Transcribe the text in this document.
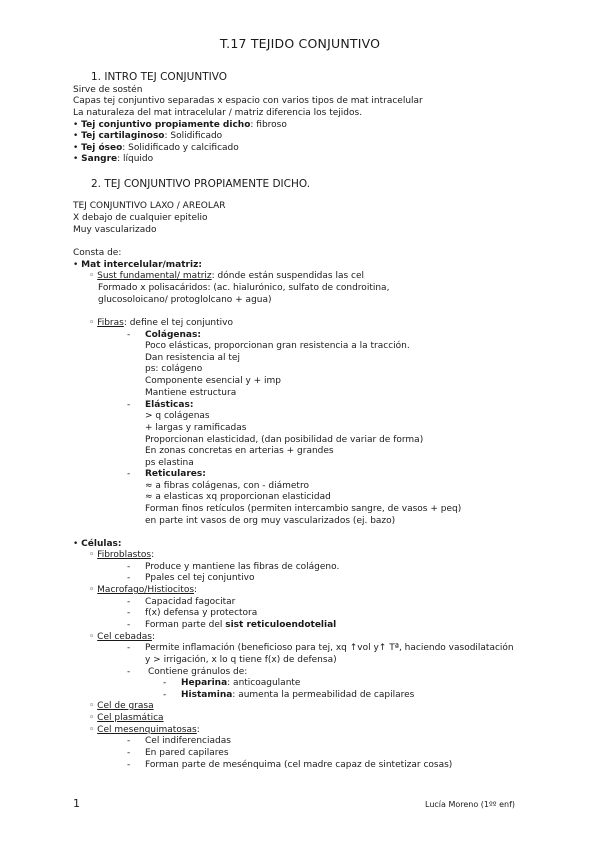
T.17 TEJIDO CONJUNTIVO
1. INTRO TEJ CONJUNTIVO
Sirve de sostén
Capas tej conjuntivo separadas x espacio con varios tipos de mat intracelular
La naturaleza del mat intracelular / matriz diferencia los tejidos.
• Tej conjuntivo propiamente dicho: fibroso
• Tej cartilaginoso: Solidificado
• Tej óseo: Solidificado y calcificado
• Sangre: líquido
2. TEJ CONJUNTIVO PROPIAMENTE DICHO.
TEJ CONJUNTIVO LAXO / AREOLAR
X debajo de cualquier epitelio
Muy vascularizado
Consta de:
• Mat intercelular/matriz:
◦ Sust fundamental/ matriz: dónde están suspendidas las cel
Formado x polisacáridos: (ac. hialurónico, sulfato de condroitina,
glucosoloicano/ protoglolcano + agua)
◦ Fibras: define el tej conjuntivo
- Colágenas:
Poco elásticas, proporcionan gran resistencia a la tracción.
Dan resistencia al tej
ps: colágeno
Componente esencial y + imp
Mantiene estructura
- Elásticas:
> q colágenas
+ largas y ramificadas
Proporcionan elasticidad, (dan posibilidad de variar de forma)
En zonas concretas en arterias + grandes
ps elastina
- Reticulares:
≈ a fibras colágenas, con - diámetro
≈ a elasticas xq proporcionan elasticidad
Forman finos retículos (permiten intercambio sangre, de vasos + peq)
en parte int vasos de org muy vascularizados (ej. bazo)
• Células:
◦ Fibroblastos:
- Produce y mantiene las fibras de colágeno.
- Ppales cel tej conjuntivo
◦ Macrofago/Histiocitos:
- Capacidad fagocitar
- f(x) defensa y protectora
- Forman parte del sist reticuloendotelial
◦ Cel cebadas:
- Permite inflamación (beneficioso para tej, xq ↑vol y↑ Tª, haciendo vasodilatación
y > irrigación, x lo q tiene f(x) de defensa)
- Contiene gránulos de:
- Heparina: anticoagulante
- Histamina: aumenta la permeabilidad de capilares
◦ Cel de grasa
◦ Cel plasmática
◦ Cel mesenquimatosas:
- Cel indiferenciadas
- En pared capilares
- Forman parte de mesénquima (cel madre capaz de sintetizar cosas)
1	Lucía Moreno (1ºº enf)
